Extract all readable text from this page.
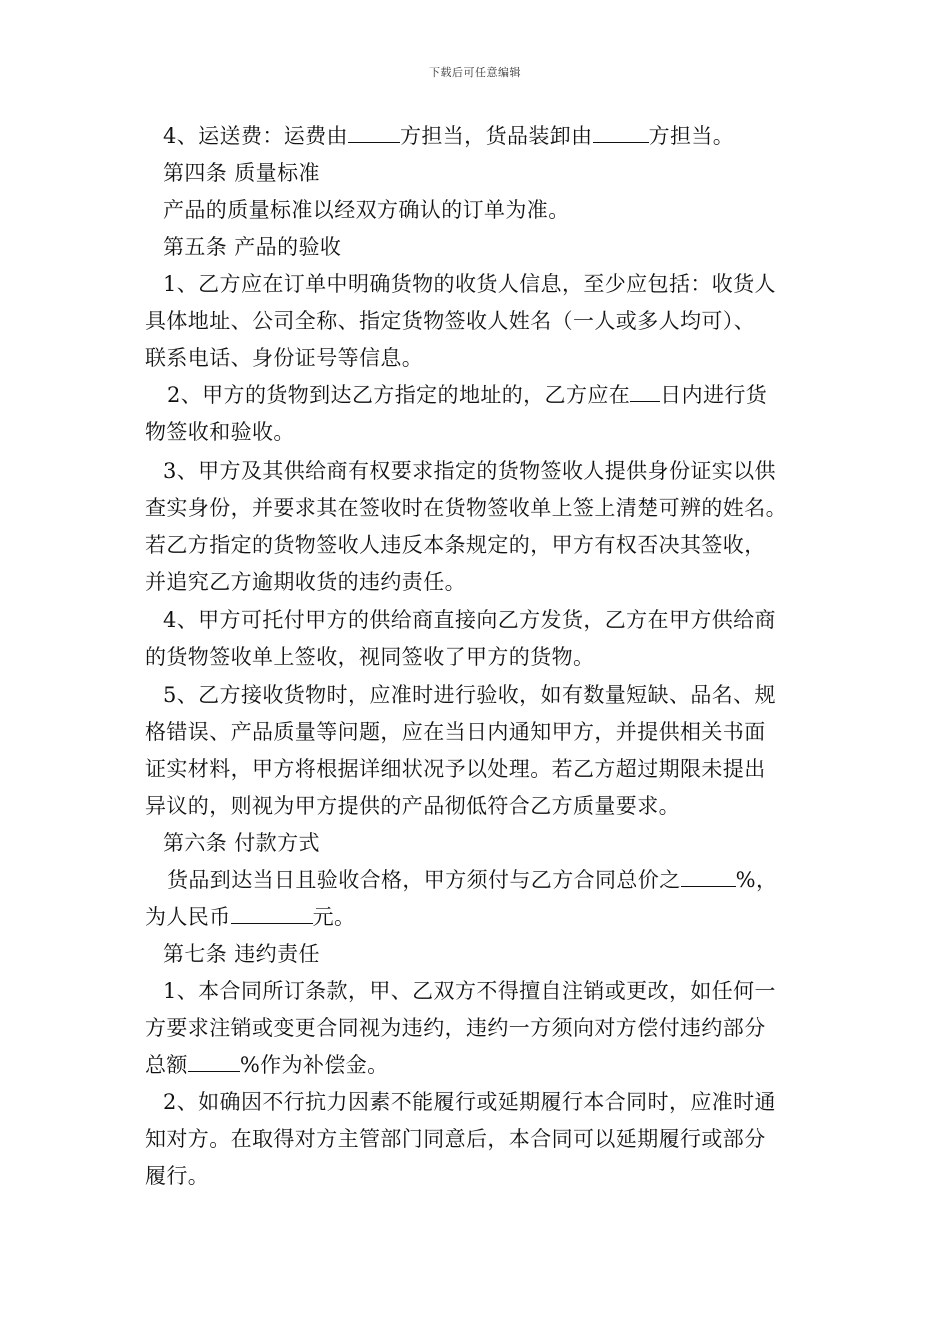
下载后可任意编辑
4、运送费：运费由 方担当，货品装卸由	方担当。
第四条 质量标准
产品的质量标准以经双方确认的订单为准。
第五条 产品的验收
1、乙方应在订单中明确货物的收货人信息，至少应包括：收货人
具体地址、公司全称、指定货物签收人姓名（一人或多人均可）、
联系电话、身份证号等信息。
2、甲方的货物到达乙方指定的地址的，乙方应在 日内进行货
物签收和验收。
3、甲方及其供给商有权要求指定的货物签收人提供身份证实以供
查实身份，并要求其在签收时在货物签收单上签上清楚可辨的姓名。
若乙方指定的货物签收人违反本条规定的，甲方有权否决其签收，
并追究乙方逾期收货的违约责任。
4、甲方可托付甲方的供给商直接向乙方发货，乙方在甲方供给商
的货物签收单上签收，视同签收了甲方的货物。
5、乙方接收货物时，应准时进行验收，如有数量短缺、品名、规
格错误、产品质量等问题，应在当日内通知甲方，并提供相关书面
证实材料，甲方将根据详细状况予以处理。若乙方超过期限未提出
异议的，则视为甲方提供的产品彻低符合乙方质量要求。
第六条 付款方式
货品到达当日且验收合格，甲方须付与乙方合同总价之	%，
为人民币	元。
第七条 违约责任
1、本合同所订条款，甲、乙双方不得擅自注销或更改，如任何一
方要求注销或变更合同视为违约，违约一方须向对方偿付违约部分
总额 %作为补偿金。
2、如确因不行抗力因素不能履行或延期履行本合同时，应准时通
知对方。在取得对方主管部门同意后，本合同可以延期履行或部分
履行。
